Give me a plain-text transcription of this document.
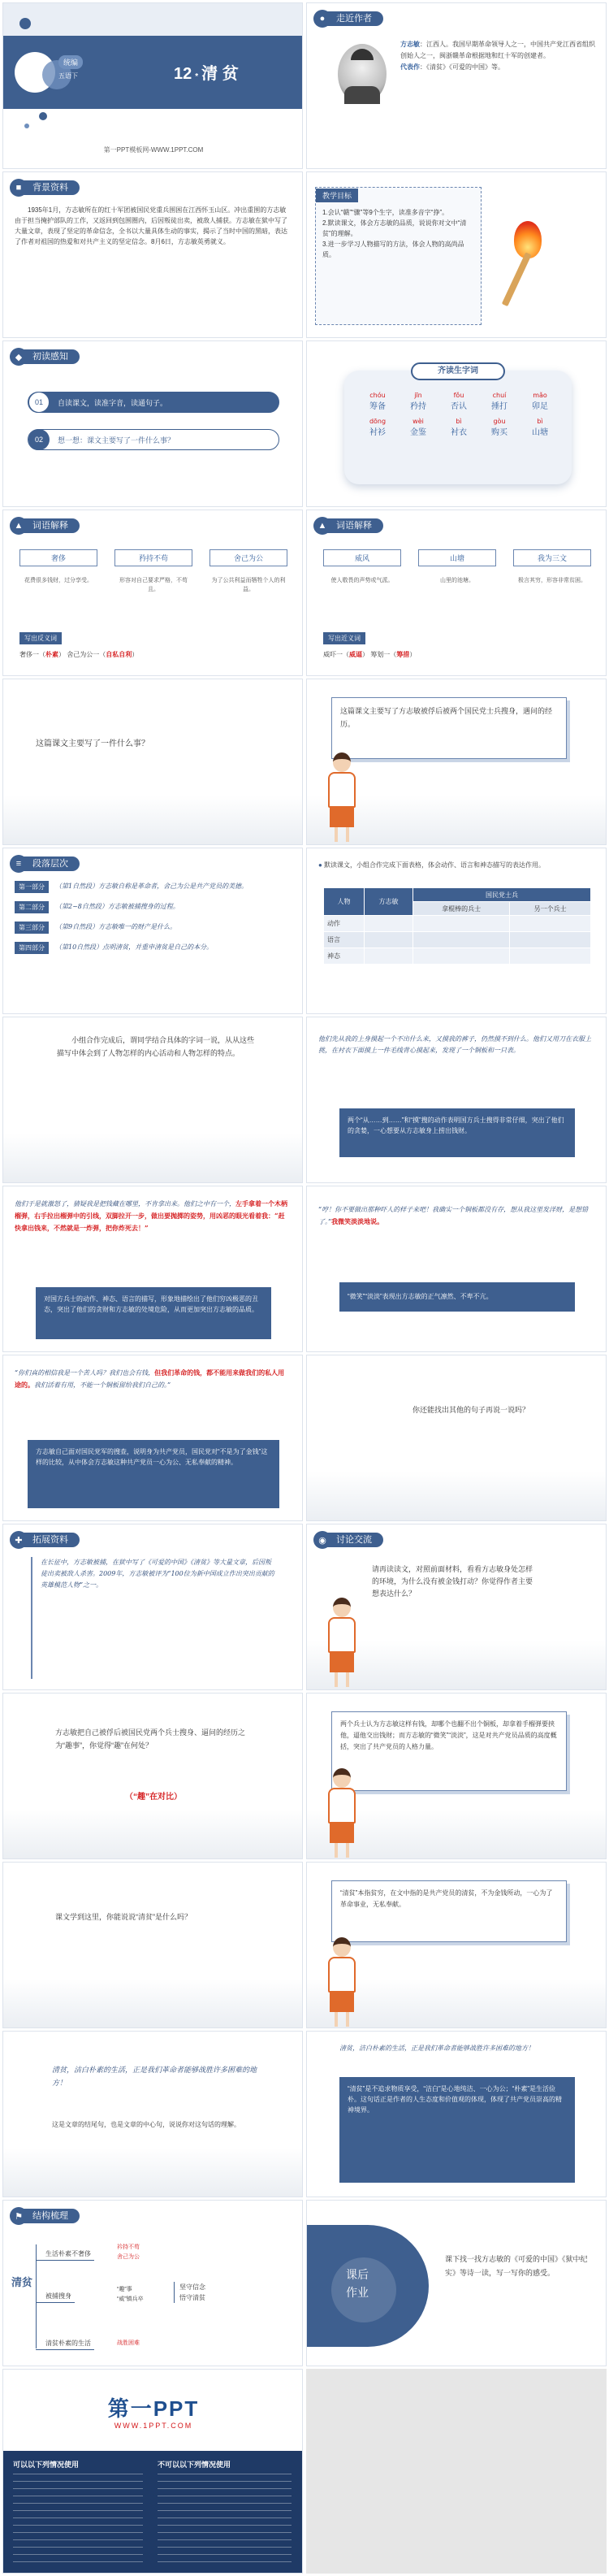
统编
五语下	12 * 清 贫
第一PPT模板网-WWW.1PPT.COM
●	走近作者
方志敏：江西人。我国早期革命领导人之一，中国共产党江西省组织创始人之一，闽浙赣革命根据地和红十军的创建者。
代表作：《清贫》《可爱的中国》等。
■	背景资料
1935年1月，方志敏所在的红十军团被国民党重兵围困在江西怀玉山区。冲出重围的方志敏由于担当掩护部队的工作，又返回到包围圈内，后因叛徒出卖，被敌人捕获。方志敏在狱中写了大量文章，表现了坚定的革命信念，全书以大量具体生动的事实，揭示了当时中国的黑暗，表达了作者对祖国的热爱和对共产主义的坚定信念。8月6日，方志敏英勇就义。
教学目标
1.会认“赣”“骤”等9个生字，读准多音字“挣”。
2.默读课文，体会方志敏的品质，说说你对文中“清贫”的理解。
3.进一步学习人物描写的方法，体会人物的高尚品质。
◆	初读感知
01	自读课文，读准字音，读通句子。
02	想一想：课文主要写了一件什么事？
齐读生字词
chóu
筹备
jīn
矜持
fǒu
否认
chuí
捶打
mǎo
卯足
dōng
衬衫
wèi
金鉴
bì
衬衣
gòu
购买
bì
山塘
▲	词语解释
奢侈
花费很多钱财，过分享受。
矜持不苟
形容对自己要求严格，不苟且。
舍己为公
为了公共利益而牺牲个人的利益。
写出反义词
奢侈一（朴素） 舍己为公一（自私自利）
▲	词语解释
威风
使人敬畏的声势或气派。
山塘
山里的池塘。
我为三文
极言其穷，形容非常贫困。
写出近义词
威吓一（威逼） 筹划一（筹措）
这篇课文主要写了一件什么事？
这篇课文主要写了方志敏被俘后被两个国民党士兵搜身，遇问的经历。
≡	段落层次
第一部分	（第1自然段）方志敏自称是革命者，舍己为公是共产党员的美德。
第二部分	（第2~8自然段）方志敏被捕搜身的过程。
第三部分	（第9自然段）方志敏唯一的财产是什么。
第四部分	（第10自然段）点明清贫，并重申清贫是自己的本分。
● 默读课文，小组合作完成下面表格，体会动作、语言和神态描写的表达作用。
人物	方志敏	国民党士兵	
		拿棍棒的兵士	另一个兵士
动作			
语言			
神态			
小组合作完成后，谓同学结合具体的字词一说，从从这些描写中体会到了人物怎样的内心活动和人物怎样的特点。
他们先从我的上身摸起一个不出什么来，又摸我的裤子，仍然摸不到什么。他们又用刀在衣服上挑，在衬衣下面摸上一件毛线背心摸起来，发现了一个铜板和一只表。
两个“从……到……”和“摸”搜的动作表明国方兵士搜得非常仔细，突出了他们的贪婪，一心想要从方志敏身上捞出钱财。
他们于是就激怒了，猜疑我是把钱藏在哪里，不肯拿出来。他们之中有一个，左手拿着一个木柄榴弹，右手拉出榴弹中的引线，双脚拉开一步，做出要抛掷的姿势，用凶恶的眼光看着我：“赶快拿出钱来，不然就是一炸弹，把你炸死去！”
对国方兵士的动作、神态、语言的描写，形象地描绘出了他们穷凶极恶的丑态，突出了他们的贪财和方志敏的处境危险，从而更加突出方志敏的品质。
“哼！你不要做出那种吓人的样子来吧！我确实一个铜板都没有存，想从我这里发洋财，是想错了。”我微笑淡淡地说。
“微笑”“淡淡”表现出方志敏的正气凛然、不卑不亢。
“你们真的相信我是一个苦人吗？我们也会有钱，但我们革命的钱，都不能用来做我们的私人用途的。我们活着有用，不能一个铜板留给我们自己的。”
方志敏自己面对国民党军的搜查，说明身为共产党员，国民党对“不是为了金钱”这样的比较，从中体会方志敏这种共产党员一心为公、无私奉献的精神。
你还能找出其他的句子再说一说吗？
✚	拓展资料
在长征中，方志敏被捕，在狱中写了《可爱的中国》《清贫》等大量文章，后因叛徒出卖被敌人杀害。2009年，方志敏被评为“100位为新中国成立作出突出贡献的英雄模范人物”之一。
◉	讨论交流
请再读读文，对照前面材料，看看方志敏身处怎样的环境，为什么没有被金钱打动？你觉得作者主要想表达什么？
方志敏把自己被俘后被国民党两个兵士搜身、逼问的经历之为“趣事”，你觉得“趣”在何处？
（“趣”在对比）
两个兵士认为方志敏这样有钱，却哪个也翻不出个铜板，却拿着手榴弹要挟他，逼他交出钱财；而方志敏的“微笑”“淡淡”，这是对共产党员品质的高度概括，突出了共产党员的人格力量。
课文学到这里，你能说说“清贫”是什么吗？
“清贫”本指贫穷，在文中指的是共产党员的清贫，不为金钱所动，一心为了革命事业，无私奉献。
清贫，洁白朴素的生活，正是我们革命者能够战胜许多困难的地方！
这是文章的结尾句，也是文章的中心句，说说你对这句话的理解。
清贫，洁白朴素的生活，正是我们革命者能够战胜许多困难的地方！
“清贫”是不追求物质享受，“洁白”是心地纯洁、一心为公；“朴素”是生活俭朴。这句话正是作者的人生态度和价值观的体现，体现了共产党员崇高的精神境界。
⚑	结构梳理
清贫
生活朴素不奢侈
被捕搜身
清贫朴素的生活
衿持不苟
舍己为公
“趣”事
“威”镇兵卒
战胜困难
坚守信念
悟守清贫
课后
作业
课下找一找方志敏的《可爱的中国》《狱中纪实》等诗一读，写一写你的感受。
第一PPT
WWW.1PPT.COM
可以以下列情况使用	不可以以下列情况使用
